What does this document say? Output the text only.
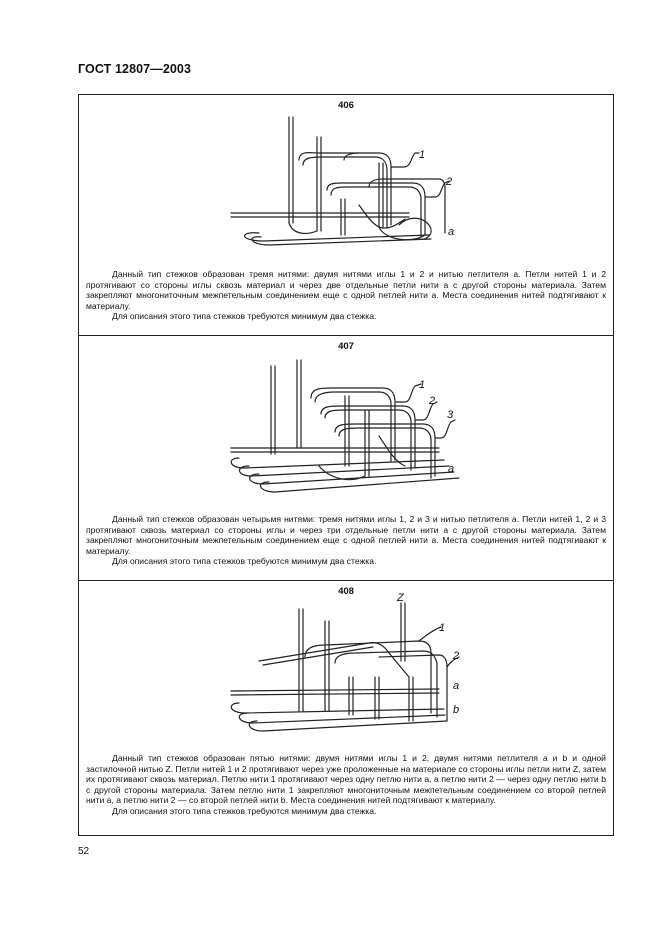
ГОСТ 12807—2003
406
1
2
a

Данный тип стежков образован тремя нитями: двумя нитями иглы 1 и 2 и нитью петлителя a. Петли нитей 1 и 2 протягивают со стороны иглы сквозь материал и через две отдельные петли нити a с другой стороны материала. Затем закрепляют многониточным межпетельным соединением еще с одной петлей нити a. Места соединения нитей подтягивают к материалу.

Для описания этого типа стежков требуются минимум два стежка.

407
1
2
3
a

Данный тип стежков образован четырьмя нитями: тремя нитями иглы 1, 2 и 3 и нитью петлителя a. Петли нитей 1, 2 и 3 протягивают сквозь материал со стороны иглы и через три отдельные петли нити a с другой стороны материала. Затем закрепляют многониточным межпетельным соединением еще с одной петлей нити a. Места соединения нитей подтягивают к материалу.

Для описания этого типа стежков требуются минимум два стежка.

408
Z
1
2
a
b

Данный тип стежков образован пятью нитями: двумя нитями иглы 1 и 2, двумя нитями петлителя a и b и одной застилочной нитью Z. Петли нитей 1 и 2 протягивают через уже проложенные на материале со стороны иглы петли нити Z, затем их протягивают сквозь материал. Петлю нити 1 протягивают через одну петлю нити a, а петлю нити 2 — через одну петлю нити b с другой стороны материала. Затем петлю нити 1 закрепляют многониточным межпетельным соединением со второй петлей нити a, а петлю нити 2 — со второй петлей нити b. Места соединения нитей подтягивают к материалу.

Для описания этого типа стежков требуются минимум два стежка.

52
